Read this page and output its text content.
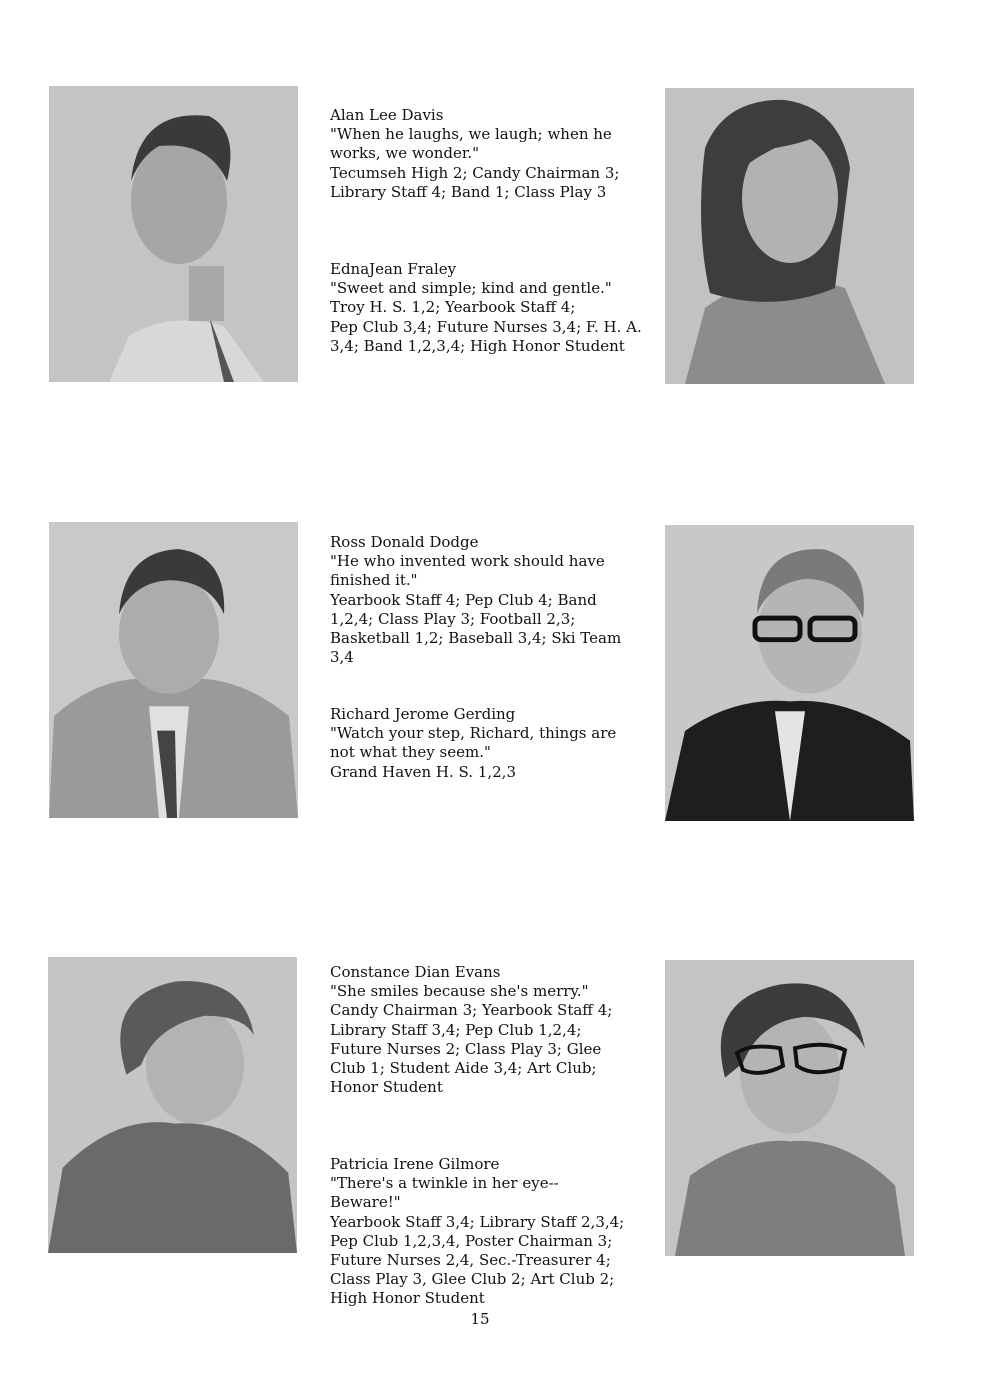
Alan Lee Davis
"When he laughs, we laugh; when he
works, we wonder."
Tecumseh High 2; Candy Chairman 3;
Library Staff 4; Band 1; Class Play 3
EdnaJean Fraley
"Sweet and simple; kind and gentle."
Troy H. S. 1,2; Yearbook Staff 4;
Pep Club 3,4; Future Nurses 3,4; F. H. A.
3,4; Band 1,2,3,4; High Honor Student
Ross Donald Dodge
"He who invented work should have
finished it."
Yearbook Staff 4; Pep Club 4; Band
1,2,4; Class Play 3; Football 2,3;
Basketball 1,2; Baseball 3,4; Ski Team
3,4
Richard Jerome Gerding
"Watch your step, Richard, things are
not what they seem."
Grand Haven H. S. 1,2,3
Constance Dian Evans
"She smiles because she's merry."
Candy Chairman 3; Yearbook Staff 4;
Library Staff 3,4; Pep Club 1,2,4;
Future Nurses 2; Class Play 3; Glee
Club 1; Student Aide 3,4; Art Club;
Honor Student
Patricia Irene Gilmore
"There's a twinkle in her eye--
Beware!"
Yearbook Staff 3,4; Library Staff 2,3,4;
Pep Club 1,2,3,4, Poster Chairman 3;
Future Nurses 2,4, Sec.-Treasurer 4;
Class Play 3, Glee Club 2; Art Club 2;
High Honor Student
15
